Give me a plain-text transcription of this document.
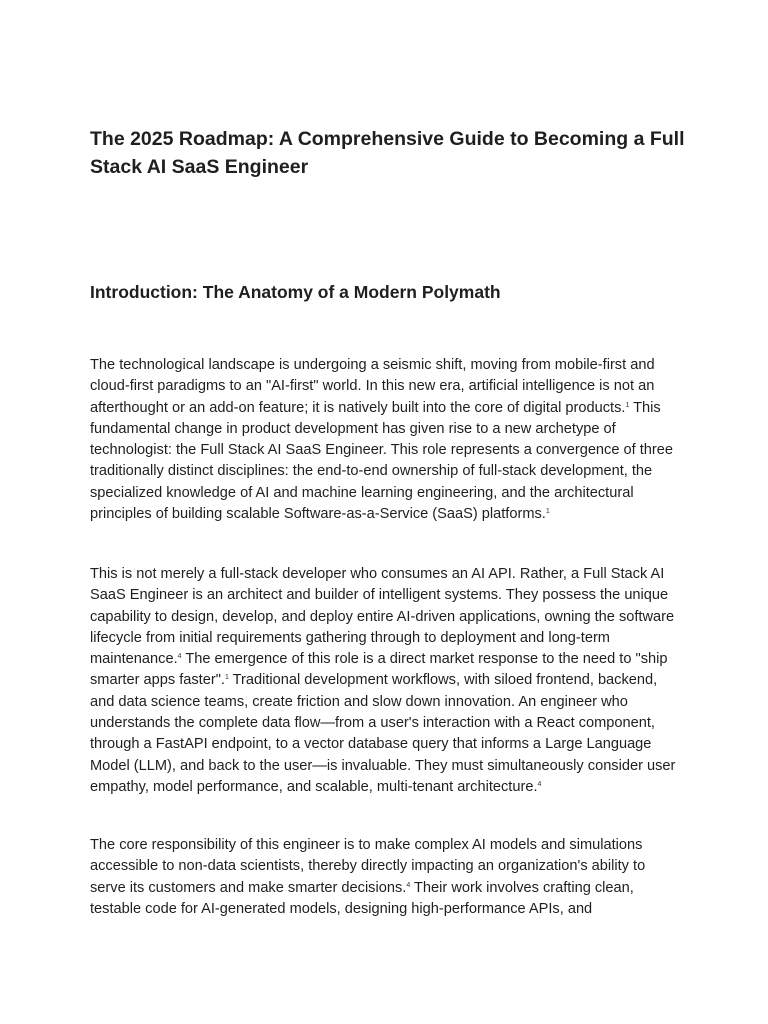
The 2025 Roadmap: A Comprehensive Guide to Becoming a Full Stack AI SaaS Engineer
Introduction: The Anatomy of a Modern Polymath

The technological landscape is undergoing a seismic shift, moving from mobile-first and cloud-first paradigms to an "AI-first" world. In this new era, artificial intelligence is not an afterthought or an add-on feature; it is natively built into the core of digital products.$^1$ This fundamental change in product development has given rise to a new archetype of technologist: the Full Stack AI SaaS Engineer. This role represents a convergence of three traditionally distinct disciplines: the end-to-end ownership of full-stack development, the specialized knowledge of AI and machine learning engineering, and the architectural principles of building scalable Software-as-a-Service (SaaS) platforms.$^1$

This is not merely a full-stack developer who consumes an AI API. Rather, a Full Stack AI SaaS Engineer is an architect and builder of intelligent systems. They possess the unique capability to design, develop, and deploy entire AI-driven applications, owning the software lifecycle from initial requirements gathering through to deployment and long-term maintenance.$^4$ The emergence of this role is a direct market response to the need to "ship smarter apps faster".$^1$ Traditional development workflows, with siloed frontend, backend, and data science teams, create friction and slow down innovation. An engineer who understands the complete data flow—from a user's interaction with a React component, through a FastAPI endpoint, to a vector database query that informs a Large Language Model (LLM), and back to the user—is invaluable. They must simultaneously consider user empathy, model performance, and scalable, multi-tenant architecture.$^4$

The core responsibility of this engineer is to make complex AI models and simulations accessible to non-data scientists, thereby directly impacting an organization's ability to serve its customers and make smarter decisions.$^4$ Their work involves crafting clean, testable code for AI-generated models, designing high-performance APIs, and
